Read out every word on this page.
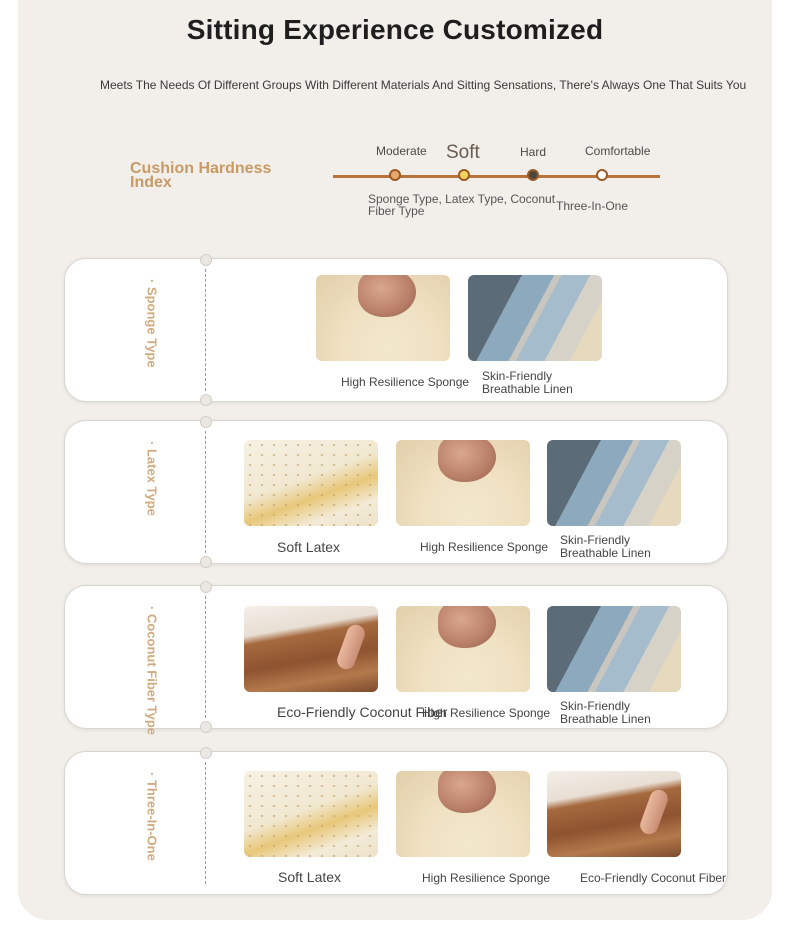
Sitting Experience Customized
Meets The Needs Of Different Groups With Different Materials And Sitting Sensations, There's Always One That Suits You
Cushion Hardness Index
Moderate Soft	Hard	Comfortable
Sponge Type, Latex Type, Coconut Fiber Type	Three-In-One
· Sponge Type
High Resilience Sponge Skin-Friendly Breathable Linen
· Latex Type
Soft Latex	High Resilience Sponge Skin-Friendly Breathable Linen
· Coconut Fiber Type	Eco-Friendly Coconut Fiber
High Resilience Sponge Skin-Friendly Breathable Linen
· Three-In-One
Soft Latex	High Resilience Sponge Eco-Friendly Coconut Fiber
